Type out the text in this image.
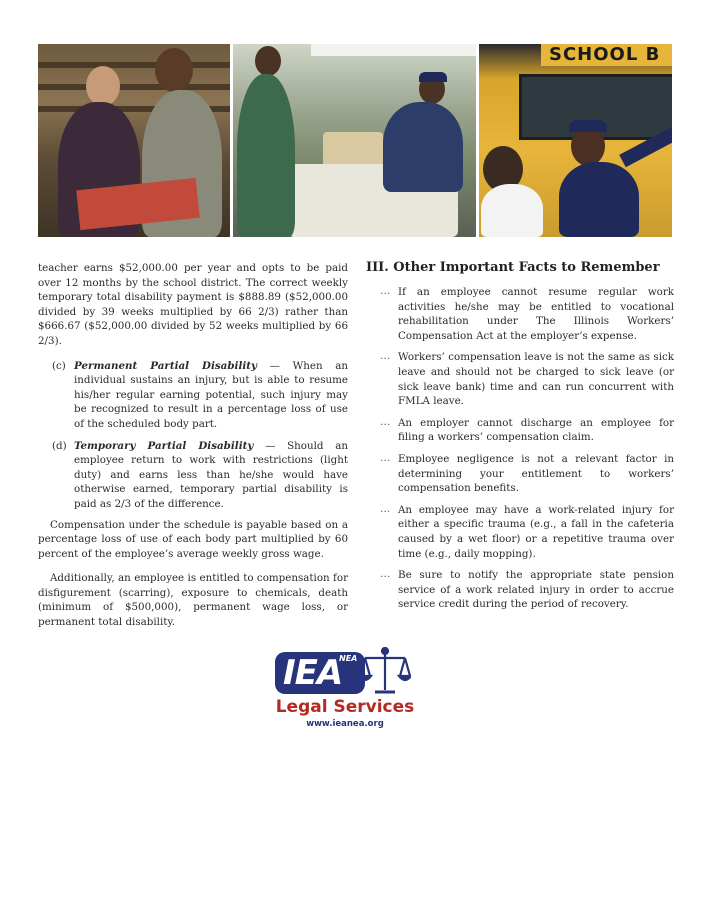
SCHOOL B

teacher earns $52,000.00 per year and opts to be paid over 12 months by the school district. The correct weekly temporary total disability payment is $888.89 ($52,000.00 divided by 39 weeks multiplied by 66 2/3) rather than $666.67 ($52,000.00 divided by 52 weeks multiplied by 66 2/3).

(c) Permanent Partial Disability — When an individual sustains an injury, but is able to resume his/her regular earning potential, such injury may be recognized to result in a percentage loss of use of the scheduled body part.

(d) Temporary Partial Disability — Should an employee return to work with restrictions (light duty) and earns less than he/she would have otherwise earned, temporary partial disability is paid as 2/3 of the difference.

Compensation under the schedule is payable based on a percentage loss of use of each body part multiplied by 60 percent of the employee’s average weekly gross wage.

Additionally, an employee is entitled to compensation for disfigurement (scarring), exposure to chemicals, death (minimum of $500,000), permanent wage loss, or permanent total disability.

III. Other Important Facts to Remember
… If an employee cannot resume regular work activities he/she may be entitled to vocational rehabilitation under The Illinois Workers’ Compensation Act at the employer’s expense.
… Workers’ compensation leave is not the same as sick leave and should not be charged to sick leave (or sick leave bank) time and can run concurrent with FMLA leave.
… An employer cannot discharge an employee for filing a workers’ compensation claim.
… Employee negligence is not a relevant factor in determining your entitlement to workers’ compensation benefits.
… An employee may have a work-related injury for either a specific trauma (e.g., a fall in the cafeteria caused by a wet floor) or a repetitive trauma over time (e.g., daily mopping).
… Be sure to notify the appropriate state pension service of a work related injury in order to accrue service credit during the period of recovery.
IEA
NEA
Legal Services
www.ieanea.org
